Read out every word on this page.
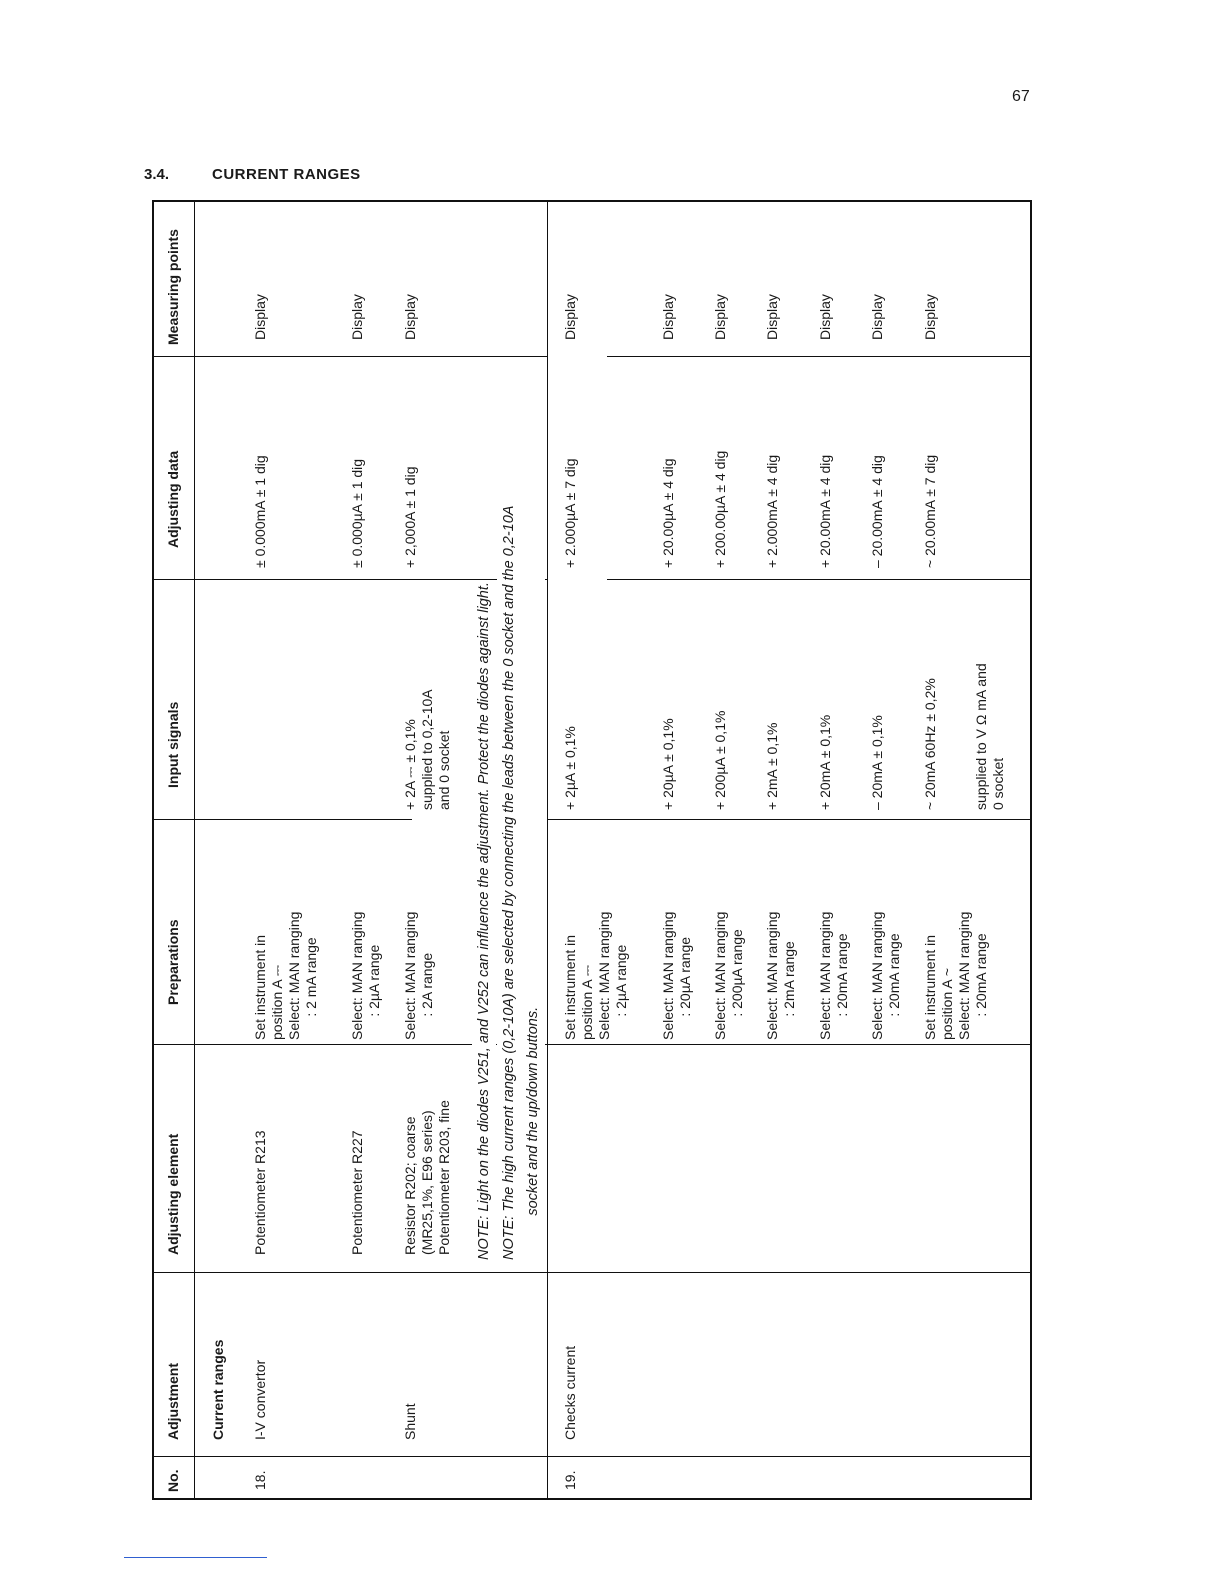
67
3.4.	CURRENT RANGES
No.
Adjustment
Adjusting element
Preparations
Input signals
Adjusting data
Measuring points
Current ranges
18.
I-V convertor
Potentiometer R213
Set instrument in
position A ⎓
Select: MAN ranging
: 2 mA range
± 0.000mA ± 1 dig
Display
Potentiometer R227
Select: MAN ranging
: 2µA range
± 0.000µA ± 1 dig
Display
Shunt
Resistor R202; coarse
(MR25,1%, E96 series)
Potentiometer R203, fine
Select: MAN ranging
: 2A range
+ 2A ⎓ ± 0,1%
supplied to 0,2-10A
and 0 socket
+ 2,000A ± 1 dig
Display
NOTE: Light on the diodes V251, and V252 can influence the adjustment. Protect the diodes against light. NOTE: The high current ranges (0,2-10A) are selected by connecting the leads between the 0 socket and the 0,2-10A
socket and the up/down buttons.
19.
Checks current
Set instrument in
position A ⎓
Select: MAN ranging
: 2µA range
+ 2µA ± 0,1%
+ 2.000µA ± 7 dig
Display
Select: MAN ranging
: 20µA range
+ 20µA ± 0,1%
+ 20.00µA ± 4 dig
Display
Select: MAN ranging
: 200µA range
+ 200µA ± 0,1%
+ 200.00µA ± 4 dig
Display
Select: MAN ranging
: 2mA range
+ 2mA ± 0,1%
+ 2.000mA ± 4 dig
Display
Select: MAN ranging
: 20mA range
+ 20mA ± 0,1%
+ 20.00mA ± 4 dig
Display
Select: MAN ranging
: 20mA range
– 20mA ± 0,1%
– 20.00mA ± 4 dig
Display
Set instrument in
position A ~
Select: MAN ranging
: 20mA range
~ 20mA 60Hz ± 0,2%

supplied to V Ω mA and
0 socket
~ 20.00mA ± 7 dig
Display
